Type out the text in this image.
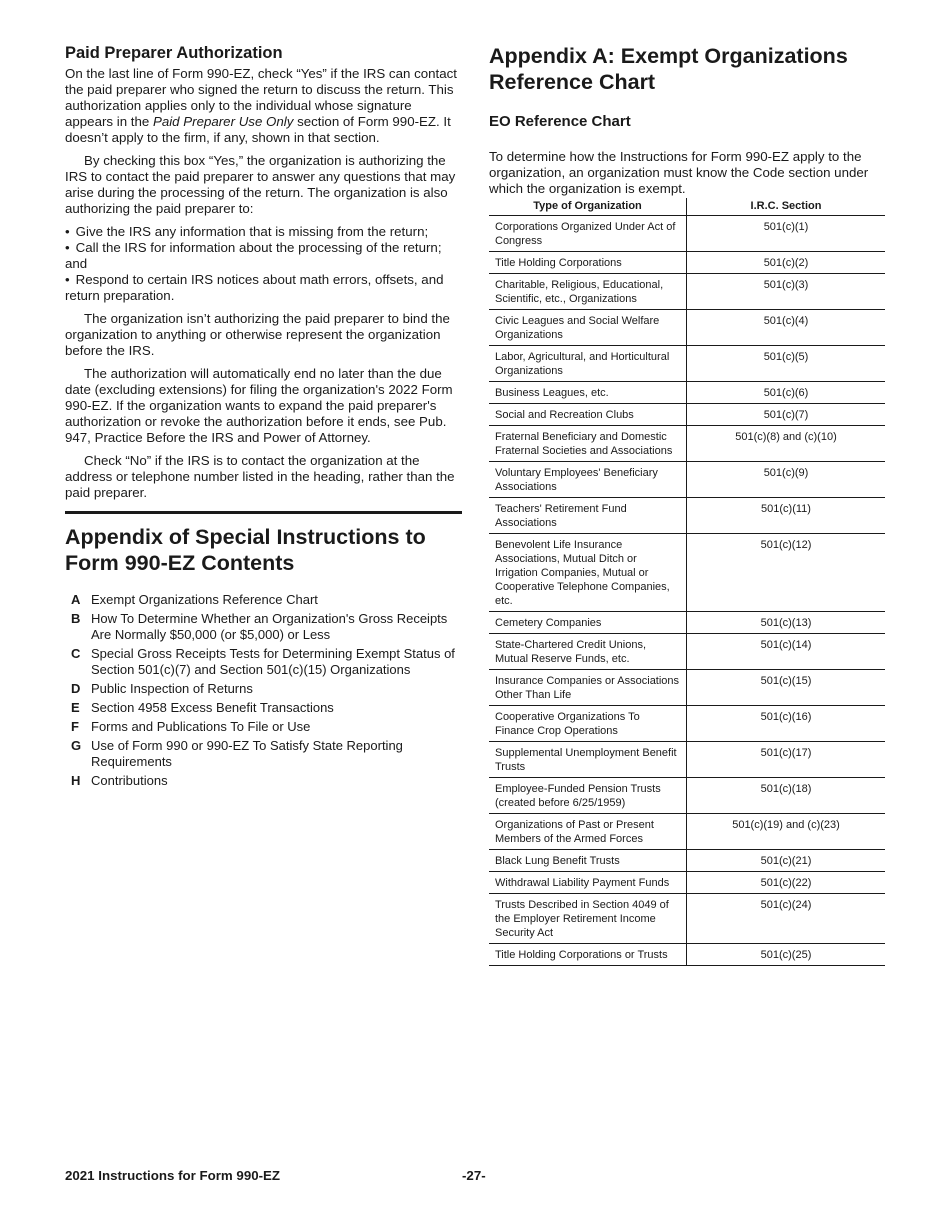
Paid Preparer Authorization

On the last line of Form 990-EZ, check “Yes” if the IRS can contact the paid preparer who signed the return to discuss the return. This authorization applies only to the individual whose signature appears in the Paid Preparer Use Only section of Form 990-EZ. It doesn’t apply to the firm, if any, shown in that section.

By checking this box “Yes,” the organization is authorizing the IRS to contact the paid preparer to answer any questions that may arise during the processing of the return. The organization is also authorizing the paid preparer to:

• Give the IRS any information that is missing from the return;
• Call the IRS for information about the processing of the return; and
• Respond to certain IRS notices about math errors, offsets, and return preparation.

The organization isn’t authorizing the paid preparer to bind the organization to anything or otherwise represent the organization before the IRS.

The authorization will automatically end no later than the due date (excluding extensions) for filing the organization's 2022 Form 990-EZ. If the organization wants to expand the paid preparer's authorization or revoke the authorization before it ends, see Pub. 947, Practice Before the IRS and Power of Attorney.

Check “No” if the IRS is to contact the organization at the address or telephone number listed in the heading, rather than the paid preparer.

Appendix of Special Instructions to Form 990-EZ Contents
A Exempt Organizations Reference Chart
B How To Determine Whether an Organization's Gross Receipts Are Normally $50,000 (or $5,000) or Less
C Special Gross Receipts Tests for Determining Exempt Status of Section 501(c)(7) and Section 501(c)(15) Organizations
D Public Inspection of Returns
E Section 4958 Excess Benefit Transactions
F Forms and Publications To File or Use
G Use of Form 990 or 990-EZ To Satisfy State Reporting Requirements
H Contributions
Appendix A: Exempt Organizations Reference Chart
EO Reference Chart

To determine how the Instructions for Form 990-EZ apply to the organization, an organization must know the Code section under which the organization is exempt.

Type of Organization	I.R.C. Section
Corporations Organized Under Act of Congress	501(c)(1)
Title Holding Corporations	501(c)(2)
Charitable, Religious, Educational, Scientific, etc., Organizations	501(c)(3)
Civic Leagues and Social Welfare Organizations	501(c)(4)
Labor, Agricultural, and Horticultural Organizations	501(c)(5)
Business Leagues, etc.	501(c)(6)
Social and Recreation Clubs	501(c)(7)
Fraternal Beneficiary and Domestic Fraternal Societies and Associations	501(c)(8) and (c)(10)
Voluntary Employees' Beneficiary Associations	501(c)(9)
Teachers' Retirement Fund Associations	501(c)(11)
Benevolent Life Insurance Associations, Mutual Ditch or Irrigation Companies, Mutual or Cooperative Telephone Companies, etc.	501(c)(12)
Cemetery Companies	501(c)(13)
State-Chartered Credit Unions, Mutual Reserve Funds, etc.	501(c)(14)
Insurance Companies or Associations Other Than Life	501(c)(15)
Cooperative Organizations To Finance Crop Operations	501(c)(16)
Supplemental Unemployment Benefit Trusts	501(c)(17)
Employee-Funded Pension Trusts (created before 6/25/1959)	501(c)(18)
Organizations of Past or Present Members of the Armed Forces	501(c)(19) and (c)(23)
Black Lung Benefit Trusts	501(c)(21)
Withdrawal Liability Payment Funds	501(c)(22)
Trusts Described in Section 4049 of the Employer Retirement Income Security Act	501(c)(24)
Title Holding Corporations or Trusts	501(c)(25)
2021 Instructions for Form 990-EZ	-27-
